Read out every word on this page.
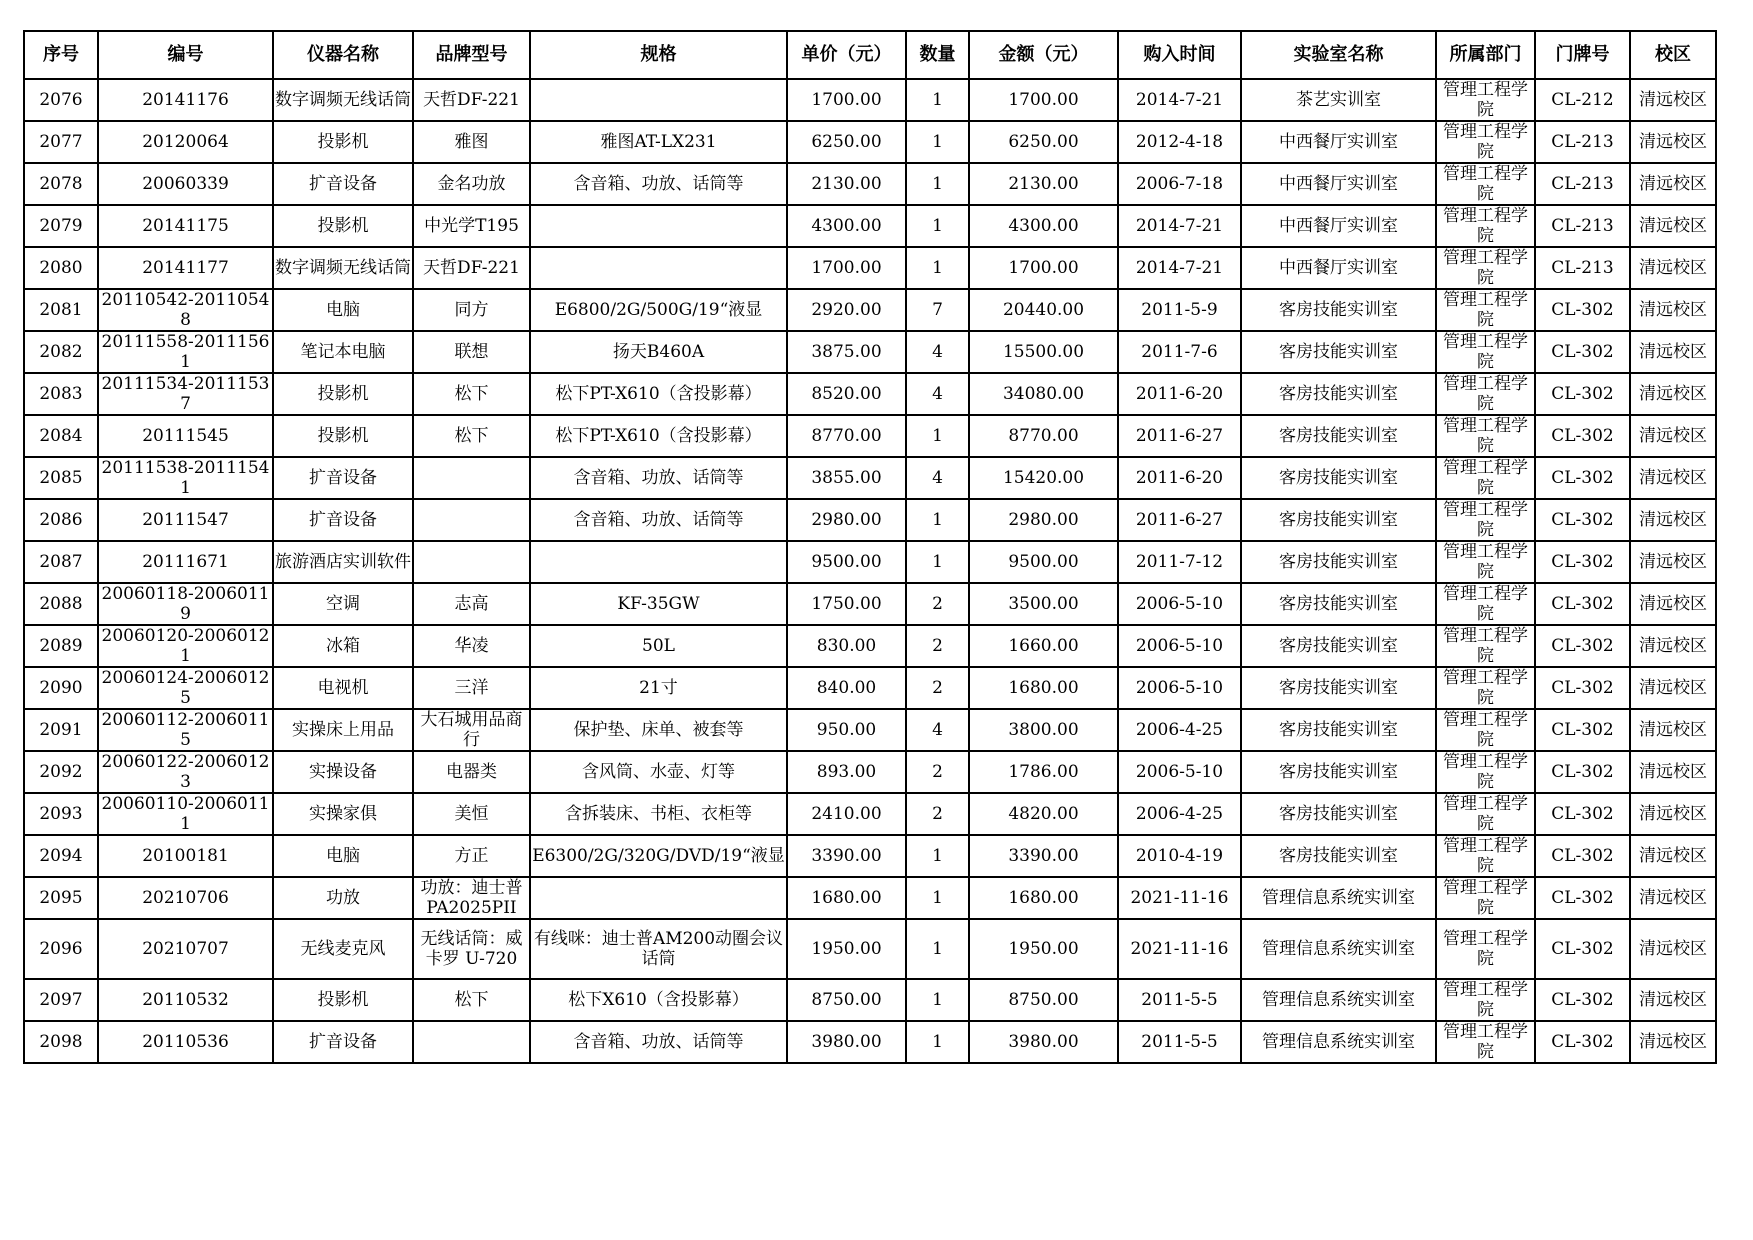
序号	编号	仪器名称	品牌型号	规格	单价（元）	数量	金额（元）	购入时间	实验室名称	所属部门	门牌号	校区

2076	20141176	数字调频无线话筒	天哲DF-221		1700.00	1	1700.00	2014-7-21	茶艺实训室	管理工程学院	CL-212	清远校区

2077	20120064	投影机	雅图	雅图AT-LX231	6250.00	1	6250.00	2012-4-18	中西餐厅实训室	管理工程学院	CL-213	清远校区

2078	20060339	扩音设备	金名功放	含音箱、功放、话筒等	2130.00	1	2130.00	2006-7-18	中西餐厅实训室	管理工程学院	CL-213	清远校区

2079	20141175	投影机	中光学T195		4300.00	1	4300.00	2014-7-21	中西餐厅实训室	管理工程学院	CL-213	清远校区

2080	20141177	数字调频无线话筒	天哲DF-221		1700.00	1	1700.00	2014-7-21	中西餐厅实训室	管理工程学院	CL-213	清远校区

2081	20110542-20110548	电脑	同方	E6800/2G/500G/19“液显	2920.00	7	20440.00	2011-5-9	客房技能实训室	管理工程学院	CL-302	清远校区

2082	20111558-20111561	笔记本电脑	联想	扬天B460A	3875.00	4	15500.00	2011-7-6	客房技能实训室	管理工程学院	CL-302	清远校区

2083	20111534-20111537	投影机	松下	松下PT-X610（含投影幕）	8520.00	4	34080.00	2011-6-20	客房技能实训室	管理工程学院	CL-302	清远校区

2084	20111545	投影机	松下	松下PT-X610（含投影幕）	8770.00	1	8770.00	2011-6-27	客房技能实训室	管理工程学院	CL-302	清远校区

2085	20111538-20111541	扩音设备		含音箱、功放、话筒等	3855.00	4	15420.00	2011-6-20	客房技能实训室	管理工程学院	CL-302	清远校区

2086	20111547	扩音设备		含音箱、功放、话筒等	2980.00	1	2980.00	2011-6-27	客房技能实训室	管理工程学院	CL-302	清远校区

2087	20111671	旅游酒店实训软件			9500.00	1	9500.00	2011-7-12	客房技能实训室	管理工程学院	CL-302	清远校区

2088	20060118-20060119	空调	志高	KF-35GW	1750.00	2	3500.00	2006-5-10	客房技能实训室	管理工程学院	CL-302	清远校区

2089	20060120-20060121	冰箱	华凌	50L	830.00	2	1660.00	2006-5-10	客房技能实训室	管理工程学院	CL-302	清远校区

2090	20060124-20060125	电视机	三洋	21寸	840.00	2	1680.00	2006-5-10	客房技能实训室	管理工程学院	CL-302	清远校区

2091	20060112-20060115	实操床上用品	大石城用品商行	保护垫、床单、被套等	950.00	4	3800.00	2006-4-25	客房技能实训室	管理工程学院	CL-302	清远校区

2092	20060122-20060123	实操设备	电器类	含风筒、水壶、灯等	893.00	2	1786.00	2006-5-10	客房技能实训室	管理工程学院	CL-302	清远校区

2093	20060110-20060111	实操家俱	美恒	含拆装床、书柜、衣柜等	2410.00	2	4820.00	2006-4-25	客房技能实训室	管理工程学院	CL-302	清远校区

2094	20100181	电脑	方正	E6300/2G/320G/DVD/19“液显	3390.00	1	3390.00	2010-4-19	客房技能实训室	管理工程学院	CL-302	清远校区

2095	20210706	功放	功放：迪士普PA2025PII		1680.00	1	1680.00	2021-11-16	管理信息系统实训室	管理工程学院	CL-302	清远校区

2096	20210707	无线麦克风	无线话筒：威卡罗 U-720	有线咪：迪士普AM200动圈会议话筒	1950.00	1	1950.00	2021-11-16	管理信息系统实训室	管理工程学院	CL-302	清远校区

2097	20110532	投影机	松下	松下X610（含投影幕）	8750.00	1	8750.00	2011-5-5	管理信息系统实训室	管理工程学院	CL-302	清远校区

2098	20110536	扩音设备		含音箱、功放、话筒等	3980.00	1	3980.00	2011-5-5	管理信息系统实训室	管理工程学院	CL-302	清远校区
